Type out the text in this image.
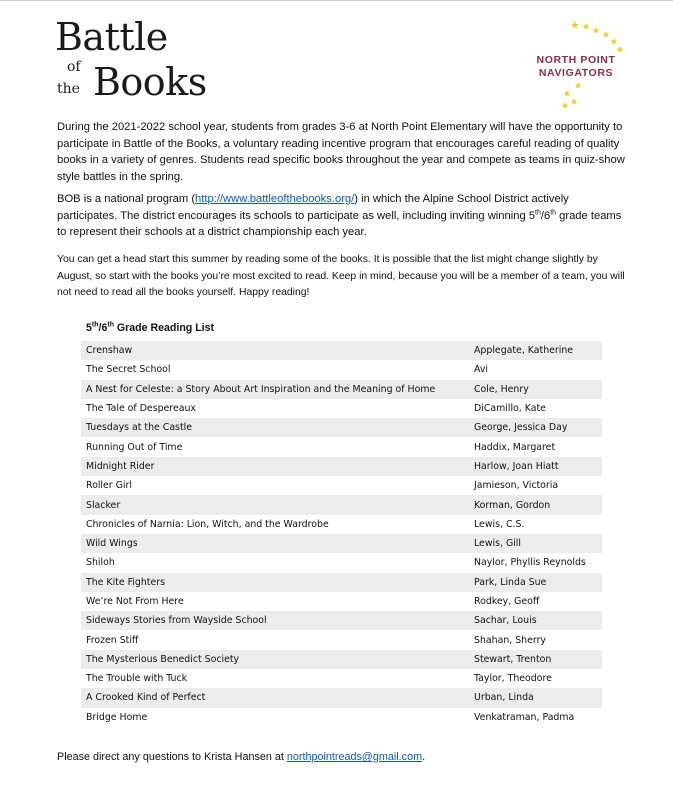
Battle
of
the Books	NORTH POINT
NAVIGATORS
During the 2021-2022 school year, students from grades 3-6 at North Point Elementary will have the opportunity to participate in Battle of the Books, a voluntary reading incentive program that encourages careful reading of quality books in a variety of genres. Students read specific books throughout the year and compete as teams in quiz-show style battles in the spring.
BOB is a national program (http://www.battleofthebooks.org/) in which the Alpine School District actively participates. The district encourages its schools to participate as well, including inviting winning 5th/6th grade teams to represent their schools at a district championship each year.
You can get a head start this summer by reading some of the books. It is possible that the list might change slightly by August, so start with the books you’re most excited to read. Keep in mind, because you will be a member of a team, you will not need to read all the books yourself. Happy reading!
5th/6th Grade Reading List
Crenshaw	Applegate, Katherine
The Secret School	Avi
A Nest for Celeste: a Story About Art Inspiration and the Meaning of Home	Cole, Henry
The Tale of Despereaux	DiCamillo, Kate
Tuesdays at the Castle	George, Jessica Day
Running Out of Time	Haddix, Margaret
Midnight Rider	Harlow, Joan Hiatt
Roller Girl	Jamieson, Victoria
Slacker	Korman, Gordon
Chronicles of Narnia: Lion, Witch, and the Wardrobe	Lewis, C.S.
Wild Wings	Lewis, Gill
Shiloh	Naylor, Phyllis Reynolds
The Kite Fighters	Park, Linda Sue
We’re Not From Here	Rodkey, Geoff
Sideways Stories from Wayside School	Sachar, Louis
Frozen Stiff	Shahan, Sherry
The Mysterious Benedict Society	Stewart, Trenton
The Trouble with Tuck	Taylor, Theodore
A Crooked Kind of Perfect	Urban, Linda
Bridge Home	Venkatraman, Padma
Please direct any questions to Krista Hansen at northpointreads@gmail.com.
